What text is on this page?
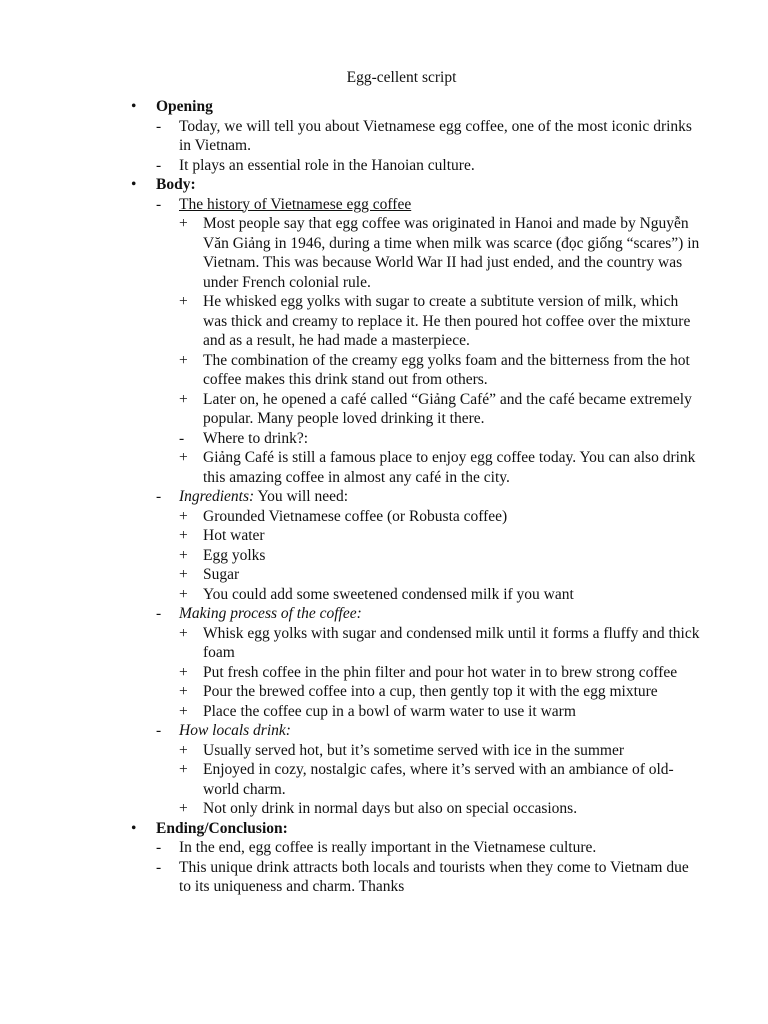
Egg-cellent script
• Opening
- Today, we will tell you about Vietnamese egg coffee, one of the most iconic drinks in Vietnam.
- It plays an essential role in the Hanoian culture.
• Body:
- The history of Vietnamese egg coffee
+ Most people say that egg coffee was originated in Hanoi and made by Nguyễn Văn Giảng in 1946, during a time when milk was scarce (đọc giống “scares”) in Vietnam. This was because World War II had just ended, and the country was under French colonial rule.
+ He whisked egg yolks with sugar to create a subtitute version of milk, which was thick and creamy to replace it. He then poured hot coffee over the mixture and as a result, he had made a masterpiece.
+ The combination of the creamy egg yolks foam and the bitterness from the hot coffee makes this drink stand out from others.
+ Later on, he opened a café called “Giảng Café” and the café became extremely popular. Many people loved drinking it there.
- Where to drink?:
+ Giảng Café is still a famous place to enjoy egg coffee today. You can also drink this amazing coffee in almost any café in the city.
- Ingredients: You will need:
+ Grounded Vietnamese coffee (or Robusta coffee)
+ Hot water
+ Egg yolks
+ Sugar
+ You could add some sweetened condensed milk if you want
- Making process of the coffee:
+ Whisk egg yolks with sugar and condensed milk until it forms a fluffy and thick foam
+ Put fresh coffee in the phin filter and pour hot water in to brew strong coffee
+ Pour the brewed coffee into a cup, then gently top it with the egg mixture
+ Place the coffee cup in a bowl of warm water to use it warm
- How locals drink:
+ Usually served hot, but it’s sometime served with ice in the summer
+ Enjoyed in cozy, nostalgic cafes, where it’s served with an ambiance of old-world charm.
+ Not only drink in normal days but also on special occasions.
• Ending/Conclusion:
- In the end, egg coffee is really important in the Vietnamese culture.
- This unique drink attracts both locals and tourists when they come to Vietnam due to its uniqueness and charm. Thanks
